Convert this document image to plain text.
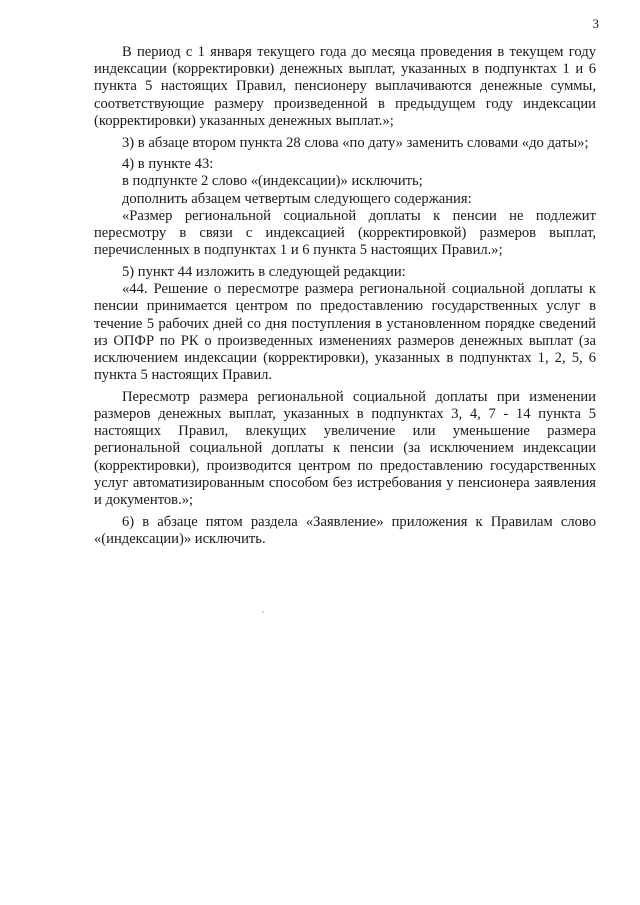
3

В период с 1 января текущего года до месяца проведения в текущем году индексации (корректировки) денежных выплат, указанных в подпунктах 1 и 6 пункта 5 настоящих Правил, пенсионеру выплачиваются денежные суммы, соответствующие размеру произведенной в предыдущем году индексации (корректировки) указанных денежных выплат.»;

3) в абзаце втором пункта 28 слова «по дату» заменить словами «до даты»;

4) в пункте 43:

в подпункте 2 слово «(индексации)» исключить;

дополнить абзацем четвертым следующего содержания:

«Размер региональной социальной доплаты к пенсии не подлежит пересмотру в связи с индексацией (корректировкой) размеров выплат, перечисленных в подпунктах 1 и 6 пункта 5 настоящих Правил.»;

5) пункт 44 изложить в следующей редакции:

«44. Решение о пересмотре размера региональной социальной доплаты к пенсии принимается центром по предоставлению государственных услуг в течение 5 рабочих дней со дня поступления в установленном порядке сведений из ОПФР по РК о произведенных изменениях размеров денежных выплат (за исключением индексации (корректировки), указанных в подпунктах 1, 2, 5, 6 пункта 5 настоящих Правил.

Пересмотр размера региональной социальной доплаты при изменении размеров денежных выплат, указанных в подпунктах 3, 4, 7 - 14 пункта 5 настоящих Правил, влекущих увеличение или уменьшение размера региональной социальной доплаты к пенсии (за исключением индексации (корректировки), производится центром по предоставлению государственных услуг автоматизированным способом без истребования у пенсионера заявления и документов.»;

6) в абзаце пятом раздела «Заявление» приложения к Правилам слово «(индексации)» исключить.
